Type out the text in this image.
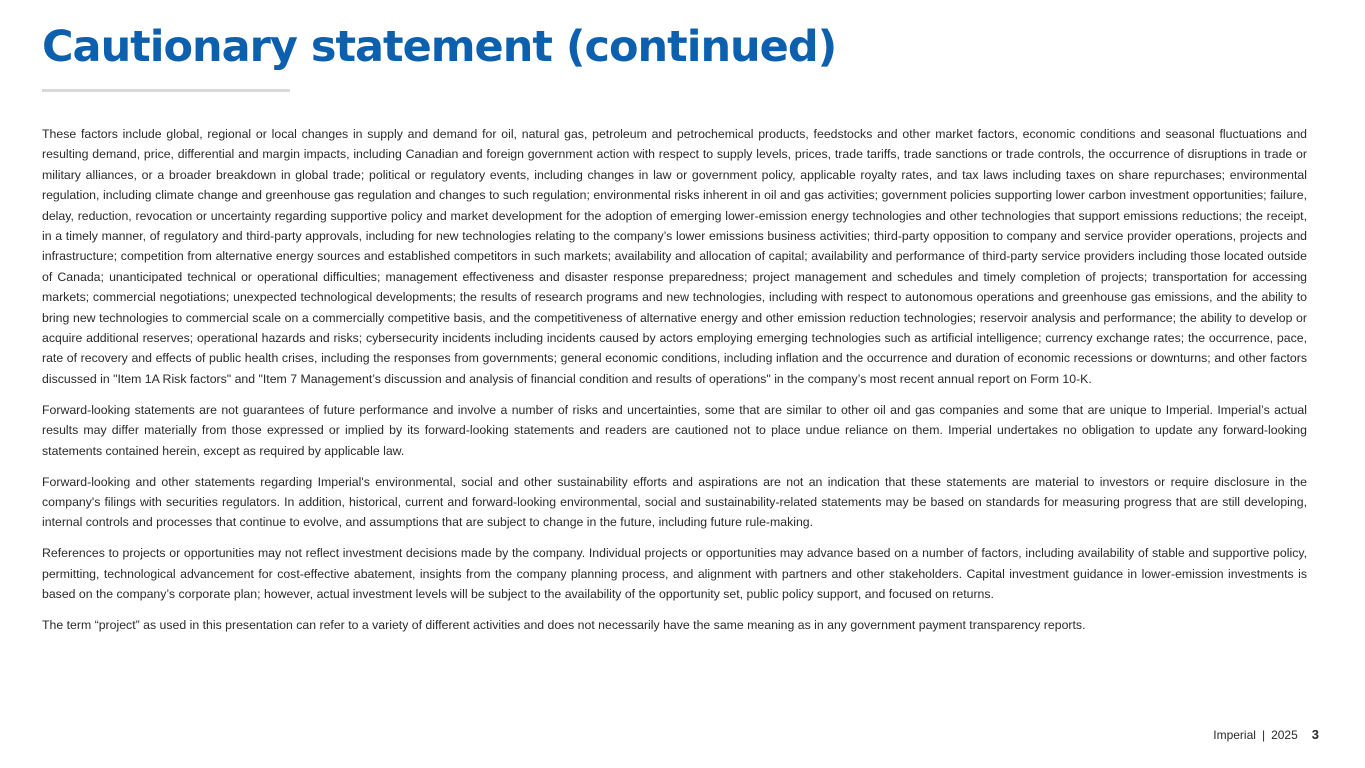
Cautionary statement (continued)

These factors include global, regional or local changes in supply and demand for oil, natural gas, petroleum and petrochemical products, feedstocks and other market factors, economic conditions and seasonal fluctuations and resulting demand, price, differential and margin impacts, including Canadian and foreign government action with respect to supply levels, prices, trade tariffs, trade sanctions or trade controls, the occurrence of disruptions in trade or military alliances, or a broader breakdown in global trade; political or regulatory events, including changes in law or government policy, applicable royalty rates, and tax laws including taxes on share repurchases; environmental regulation, including climate change and greenhouse gas regulation and changes to such regulation; environmental risks inherent in oil and gas activities; government policies supporting lower carbon investment opportunities; failure, delay, reduction, revocation or uncertainty regarding supportive policy and market development for the adoption of emerging lower-emission energy technologies and other technologies that support emissions reductions; the receipt, in a timely manner, of regulatory and third-party approvals, including for new technologies relating to the company’s lower emissions business activities; third-party opposition to company and service provider operations, projects and infrastructure; competition from alternative energy sources and established competitors in such markets; availability and allocation of capital; availability and performance of third-party service providers including those located outside of Canada; unanticipated technical or operational difficulties; management effectiveness and disaster response preparedness; project management and schedules and timely completion of projects; transportation for accessing markets; commercial negotiations; unexpected technological developments; the results of research programs and new technologies, including with respect to autonomous operations and greenhouse gas emissions, and the ability to bring new technologies to commercial scale on a commercially competitive basis, and the competitiveness of alternative energy and other emission reduction technologies; reservoir analysis and performance; the ability to develop or acquire additional reserves; operational hazards and risks; cybersecurity incidents including incidents caused by actors employing emerging technologies such as artificial intelligence; currency exchange rates; the occurrence, pace, rate of recovery and effects of public health crises, including the responses from governments; general economic conditions, including inflation and the occurrence and duration of economic recessions or downturns; and other factors discussed in "Item 1A Risk factors" and "Item 7 Management’s discussion and analysis of financial condition and results of operations" in the company’s most recent annual report on Form 10-K.

Forward-looking statements are not guarantees of future performance and involve a number of risks and uncertainties, some that are similar to other oil and gas companies and some that are unique to Imperial. Imperial’s actual results may differ materially from those expressed or implied by its forward-looking statements and readers are cautioned not to place undue reliance on them. Imperial undertakes no obligation to update any forward-looking statements contained herein, except as required by applicable law.

Forward-looking and other statements regarding Imperial's environmental, social and other sustainability efforts and aspirations are not an indication that these statements are material to investors or require disclosure in the company's filings with securities regulators. In addition, historical, current and forward-looking environmental, social and sustainability-related statements may be based on standards for measuring progress that are still developing, internal controls and processes that continue to evolve, and assumptions that are subject to change in the future, including future rule-making.

References to projects or opportunities may not reflect investment decisions made by the company. Individual projects or opportunities may advance based on a number of factors, including availability of stable and supportive policy, permitting, technological advancement for cost-effective abatement, insights from the company planning process, and alignment with partners and other stakeholders. Capital investment guidance in lower-emission investments is based on the company’s corporate plan; however, actual investment levels will be subject to the availability of the opportunity set, public policy support, and focused on returns.

The term “project” as used in this presentation can refer to a variety of different activities and does not necessarily have the same meaning as in any government payment transparency reports.

Imperial | 2025 3
